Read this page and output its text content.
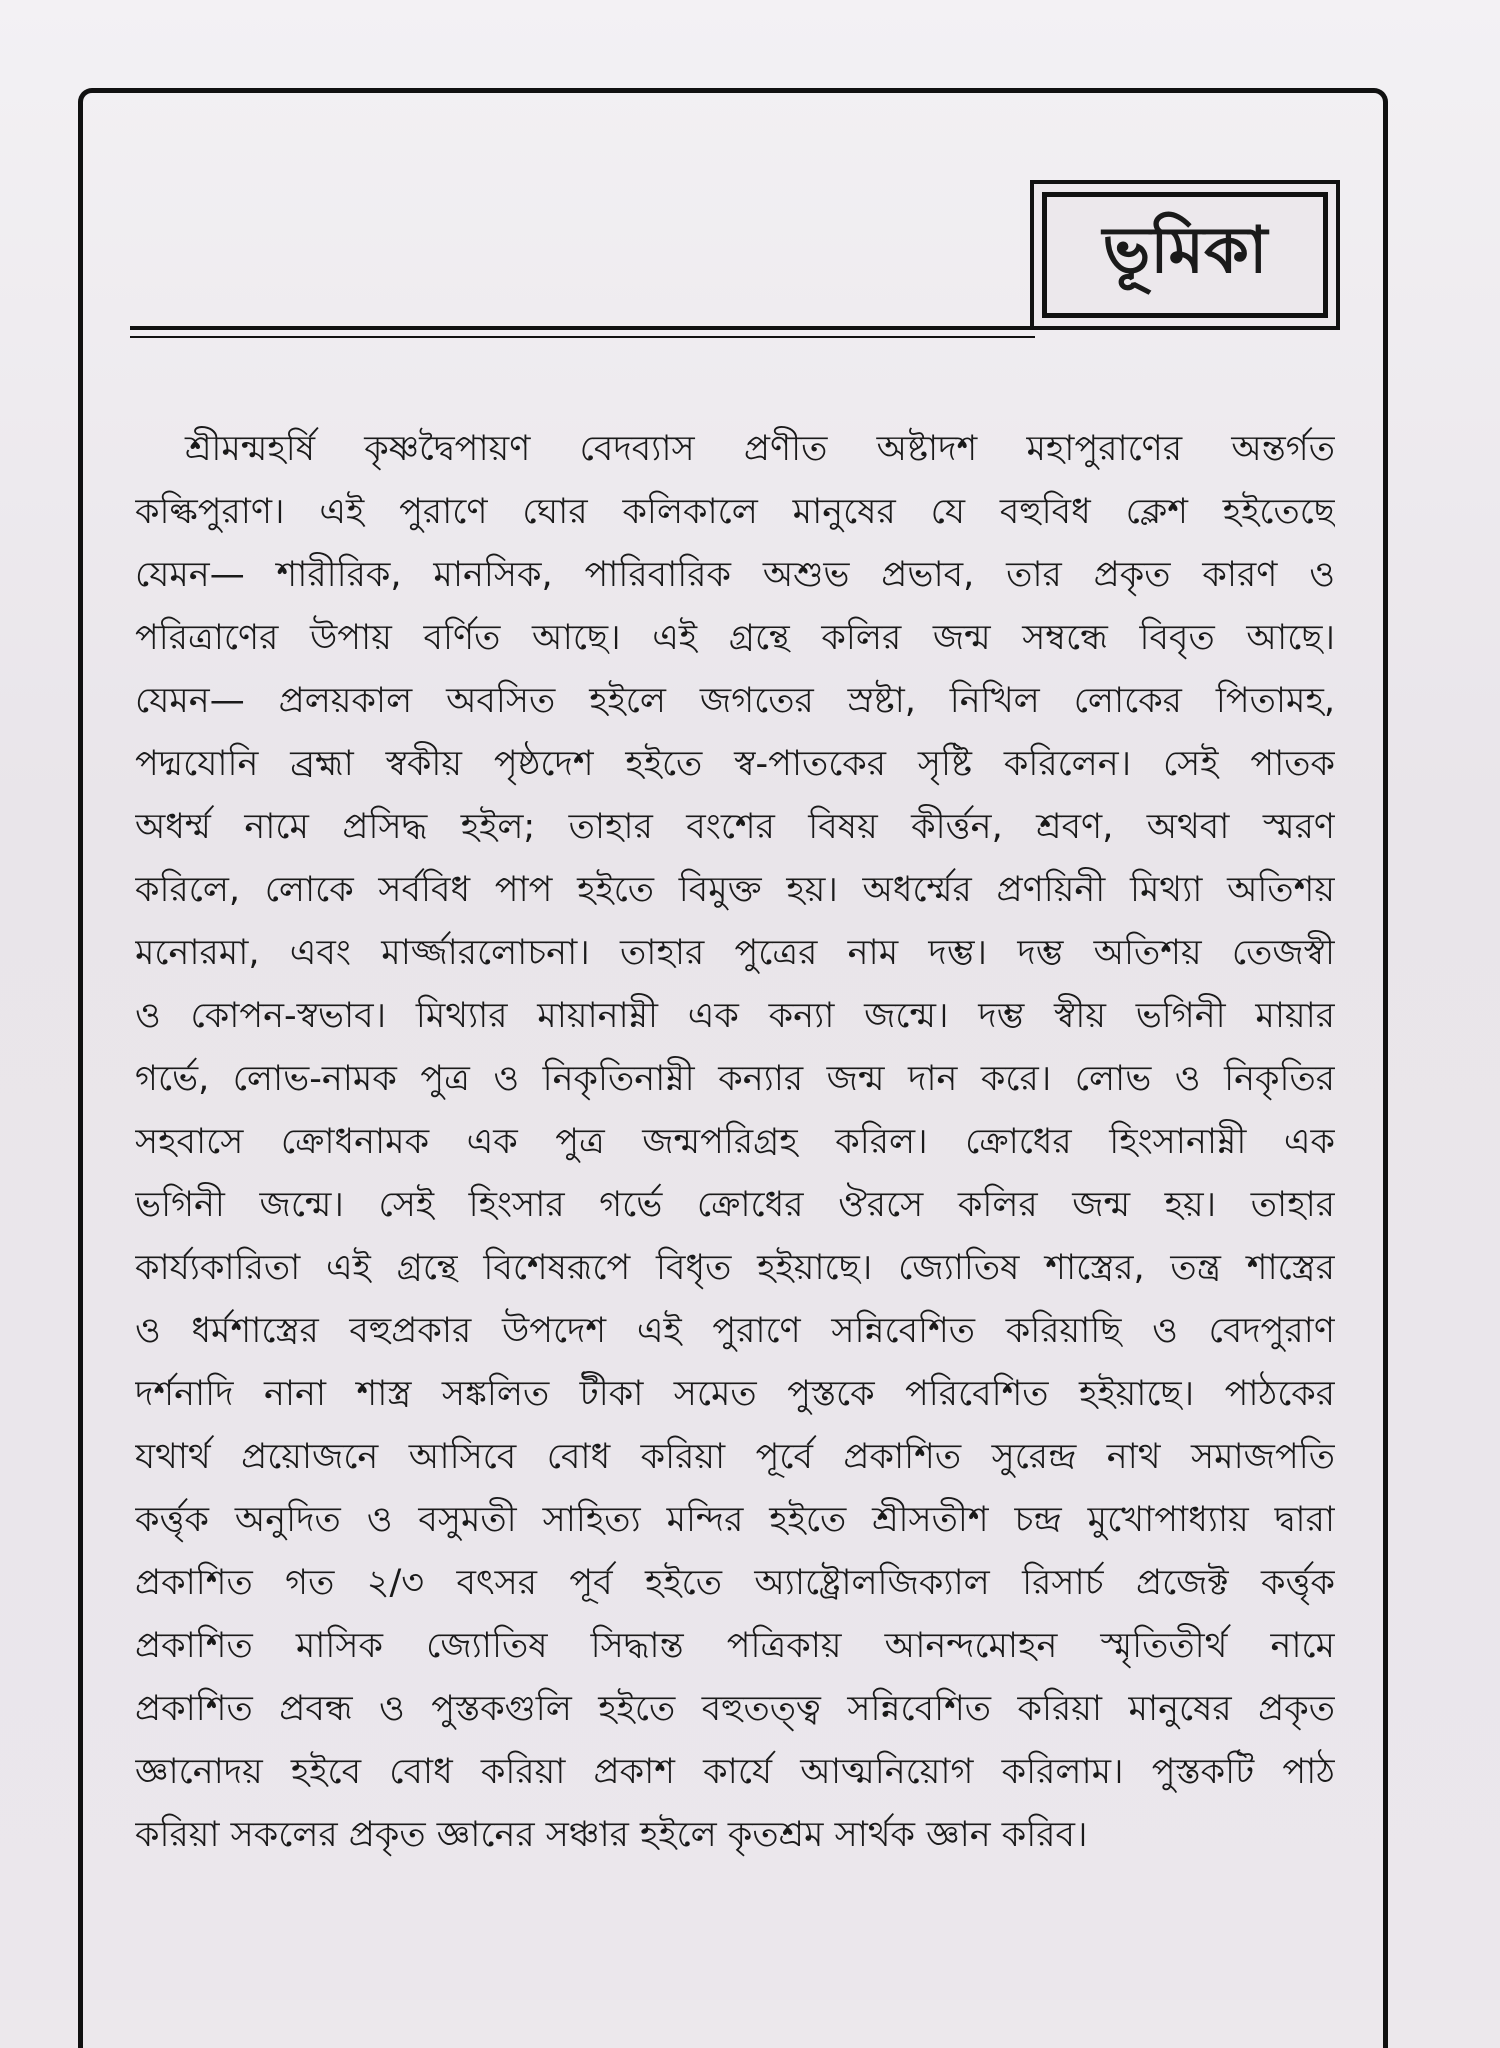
ভূমিকা
শ্রীমন্মহর্ষি কৃষ্ণদ্বৈপায়ণ বেদব্যাস প্রণীত অষ্টাদশ মহাপুরাণের অন্তর্গত
কল্কিপুরাণ। এই পুরাণে ঘোর কলিকালে মানুষের যে বহুবিধ ক্লেশ হইতেছে
যেমন— শারীরিক, মানসিক, পারিবারিক অশুভ প্রভাব, তার প্রকৃত কারণ ও
পরিত্রাণের উপায় বর্ণিত আছে। এই গ্রন্থে কলির জন্ম সম্বন্ধে বিবৃত আছে।
যেমন— প্রলয়কাল অবসিত হইলে জগতের স্রষ্টা, নিখিল লোকের পিতামহ,
পদ্মযোনি ব্রহ্মা স্বকীয় পৃষ্ঠদেশ হইতে স্ব-পাতকের সৃষ্টি করিলেন। সেই পাতক
অধর্ম্ম নামে প্রসিদ্ধ হইল; তাহার বংশের বিষয় কীর্ত্তন, শ্রবণ, অথবা স্মরণ
করিলে, লোকে সর্ববিধ পাপ হইতে বিমুক্ত হয়। অধর্ম্মের প্রণয়িনী মিথ্যা অতিশয়
মনোরমা, এবং মার্জ্জারলোচনা। তাহার পুত্রের নাম দম্ভ। দম্ভ অতিশয় তেজস্বী
ও কোপন-স্বভাব। মিথ্যার মায়ানাম্নী এক কন্যা জন্মে। দম্ভ স্বীয় ভগিনী মায়ার
গর্ভে, লোভ-নামক পুত্র ও নিকৃতিনাম্নী কন্যার জন্ম দান করে। লোভ ও নিকৃতির
সহবাসে ক্রোধনামক এক পুত্র জন্মপরিগ্রহ করিল। ক্রোধের হিংসানাম্নী এক
ভগিনী জন্মে। সেই হিংসার গর্ভে ক্রোধের ঔরসে কলির জন্ম হয়। তাহার
কার্য্যকারিতা এই গ্রন্থে বিশেষরূপে বিধৃত হইয়াছে। জ্যোতিষ শাস্ত্রের, তন্ত্র শাস্ত্রের
ও ধর্মশাস্ত্রের বহুপ্রকার উপদেশ এই পুরাণে সন্নিবেশিত করিয়াছি ও বেদপুরাণ
দর্শনাদি নানা শাস্ত্র সঙ্কলিত টীকা সমেত পুস্তকে পরিবেশিত হইয়াছে। পাঠকের
যথার্থ প্রয়োজনে আসিবে বোধ করিয়া পূর্বে প্রকাশিত সুরেন্দ্র নাথ সমাজপতি
কর্ত্তৃক অনুদিত ও বসুমতী সাহিত্য মন্দির হইতে শ্রীসতীশ চন্দ্র মুখোপাধ্যায় দ্বারা
প্রকাশিত গত ২/৩ বৎসর পূর্ব হইতে অ্যাষ্ট্রোলজিক্যাল রিসার্চ প্রজেক্ট কর্ত্তৃক
প্রকাশিত মাসিক জ্যোতিষ সিদ্ধান্ত পত্রিকায় আনন্দমোহন স্মৃতিতীর্থ নামে
প্রকাশিত প্রবন্ধ ও পুস্তকগুলি হইতে বহুতত্ত্ব সন্নিবেশিত করিয়া মানুষের প্রকৃত
জ্ঞানোদয় হইবে বোধ করিয়া প্রকাশ কার্যে আত্মনিয়োগ করিলাম। পুস্তকটি পাঠ
করিয়া সকলের প্রকৃত জ্ঞানের সঞ্চার হইলে কৃতশ্রম সার্থক জ্ঞান করিব।
